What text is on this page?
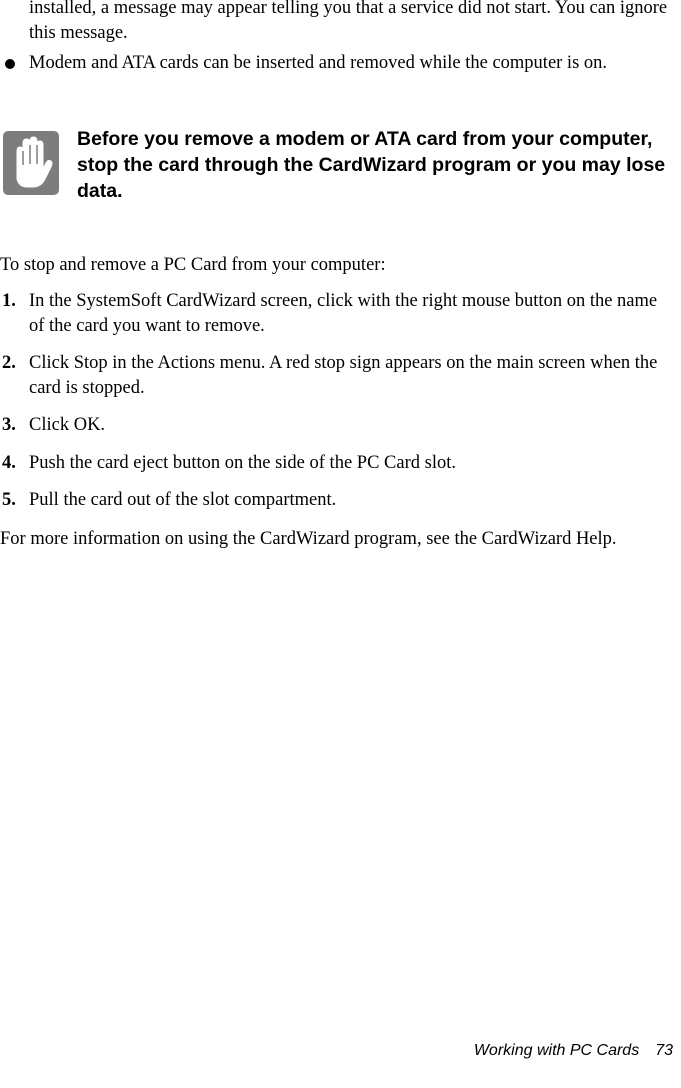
installed, a message may appear telling you that a service did not start. You can ignore this message.

Modem and ATA cards can be inserted and removed while the computer is on.
Before you remove a modem or ATA card from your computer, stop the card through the CardWizard program or you may lose data.

To stop and remove a PC Card from your computer:

1. In the SystemSoft CardWizard screen, click with the right mouse button on the name of the card you want to remove.
2. Click Stop in the Actions menu. A red stop sign appears on the main screen when the card is stopped.
3. Click OK.
4. Push the card eject button on the side of the PC Card slot.
5. Pull the card out of the slot compartment.

For more information on using the CardWizard program, see the CardWizard Help.

Working with PC Cards 73
